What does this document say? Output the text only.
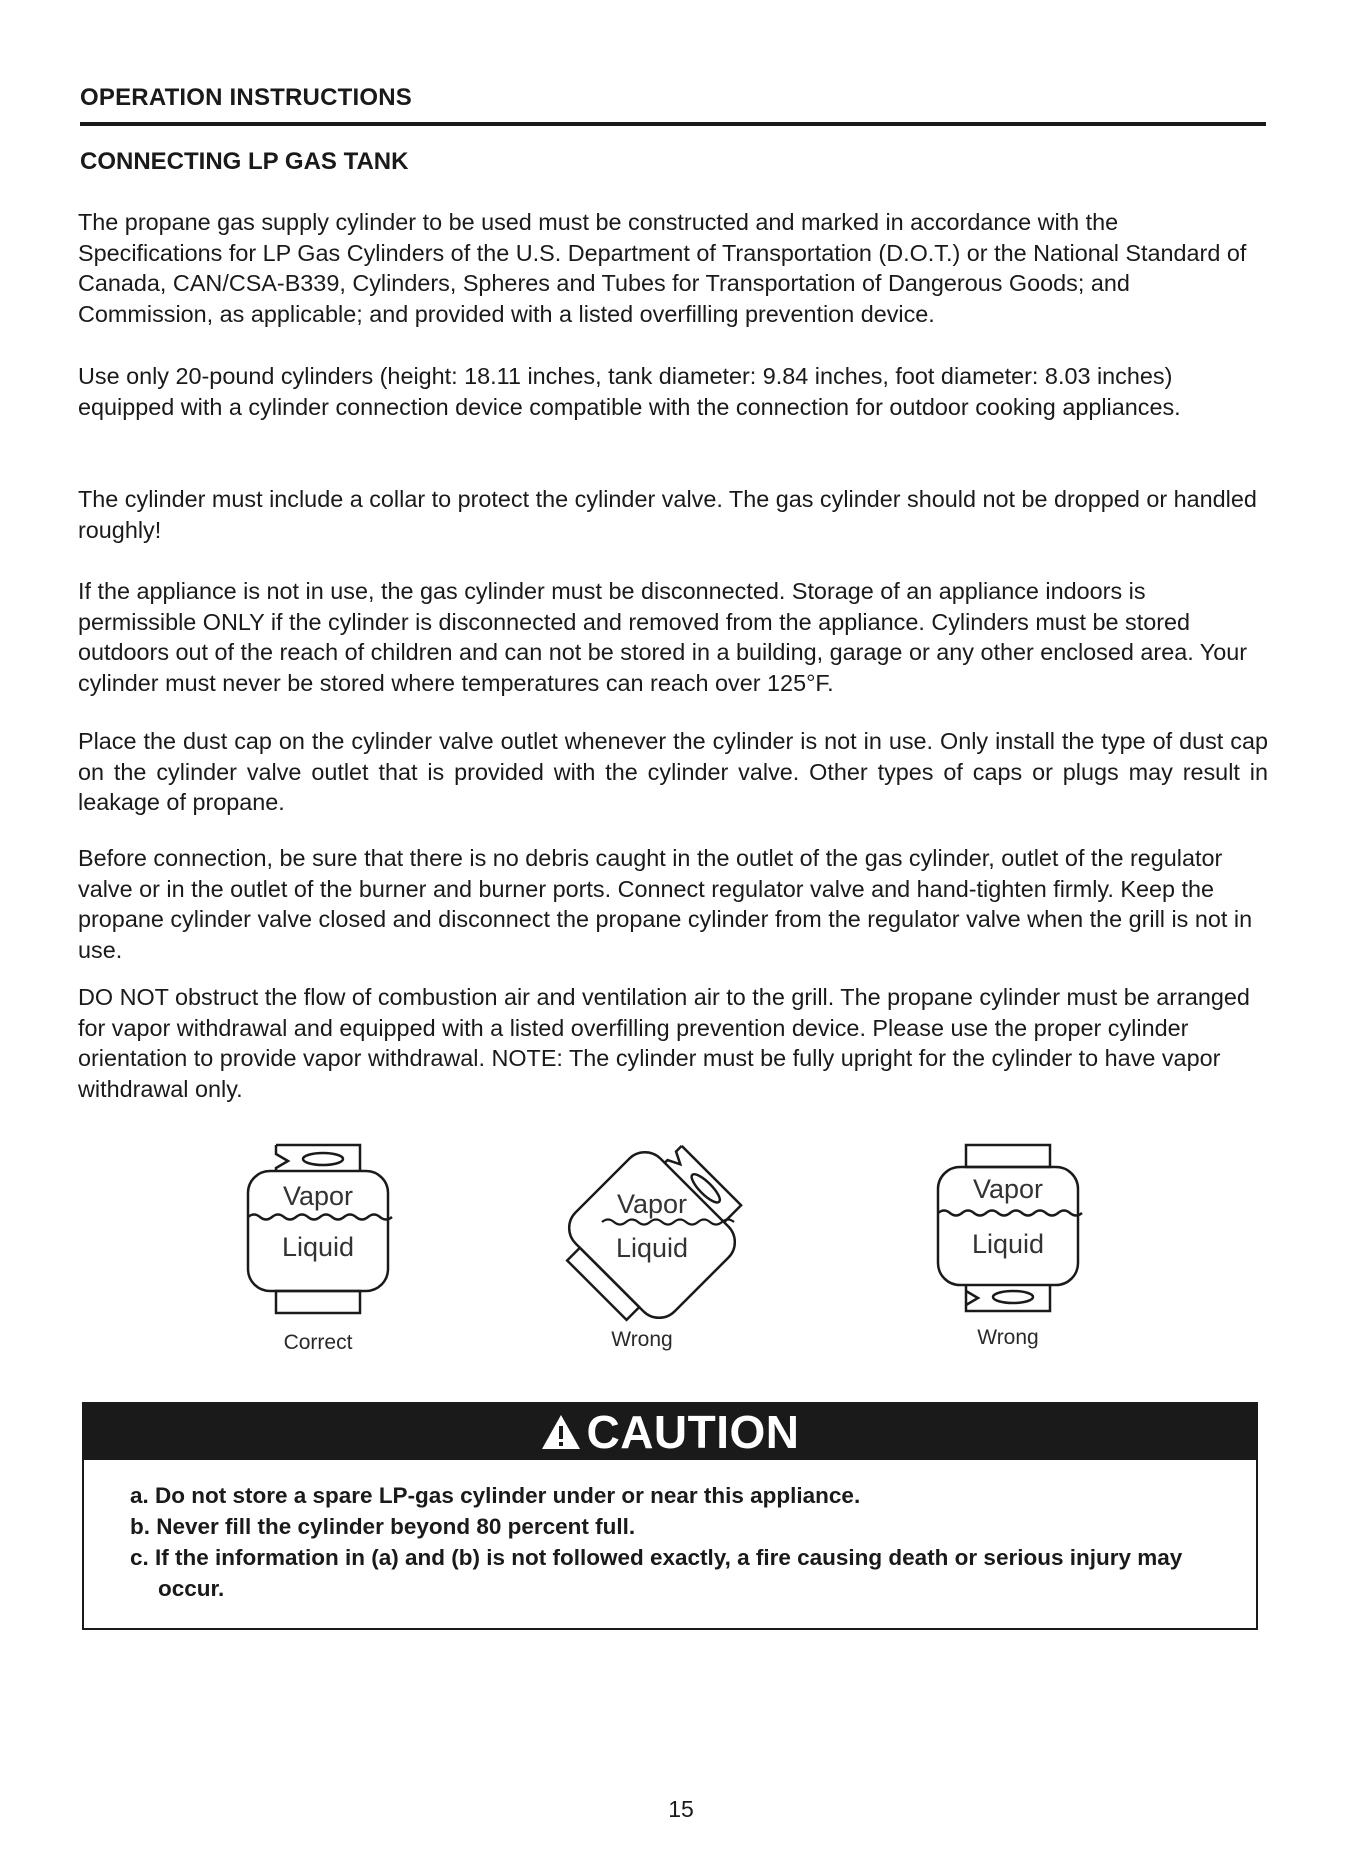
OPERATION INSTRUCTIONS
CONNECTING LP GAS TANK

The propane gas supply cylinder to be used must be constructed and marked in accordance with the Specifications for LP Gas Cylinders of the U.S. Department of Transportation (D.O.T.) or the National Standard of Canada, CAN/CSA-B339, Cylinders, Spheres and Tubes for Transportation of Dangerous Goods; and Commission, as applicable; and provided with a listed overfilling prevention device.

Use only 20-pound cylinders (height: 18.11 inches, tank diameter: 9.84 inches, foot diameter: 8.03 inches) equipped with a cylinder connection device compatible with the connection for outdoor cooking appliances.

The cylinder must include a collar to protect the cylinder valve. The gas cylinder should not be dropped or handled roughly!

If the appliance is not in use, the gas cylinder must be disconnected. Storage of an appliance indoors is permissible ONLY if the cylinder is disconnected and removed from the appliance. Cylinders must be stored outdoors out of the reach of children and can not be stored in a building, garage or any other enclosed area. Your cylinder must never be stored where temperatures can reach over 125°F.

Place the dust cap on the cylinder valve outlet whenever the cylinder is not in use. Only install the type of dust cap on the cylinder valve outlet that is provided with the cylinder valve. Other types of caps or plugs may result in leakage of propane.

Before connection, be sure that there is no debris caught in the outlet of the gas cylinder, outlet of the regulator valve or in the outlet of the burner and burner ports. Connect regulator valve and hand-tighten firmly. Keep the propane cylinder valve closed and disconnect the propane cylinder from the regulator valve when the grill is not in use.

DO NOT obstruct the flow of combustion air and ventilation air to the grill. The propane cylinder must be arranged for vapor withdrawal and equipped with a listed overfilling prevention device. Please use the proper cylinder orientation to provide vapor withdrawal. NOTE: The cylinder must be fully upright for the cylinder to have vapor withdrawal only.

Vapor
Liquid
Correct
Vapor
Liquid
Wrong
Vapor
Liquid
Wrong
CAUTION
a. Do not store a spare LP-gas cylinder under or near this appliance.
b. Never fill the cylinder beyond 80 percent full.
c. If the information in (a) and (b) is not followed exactly, a fire causing death or serious injury may occur.
15
